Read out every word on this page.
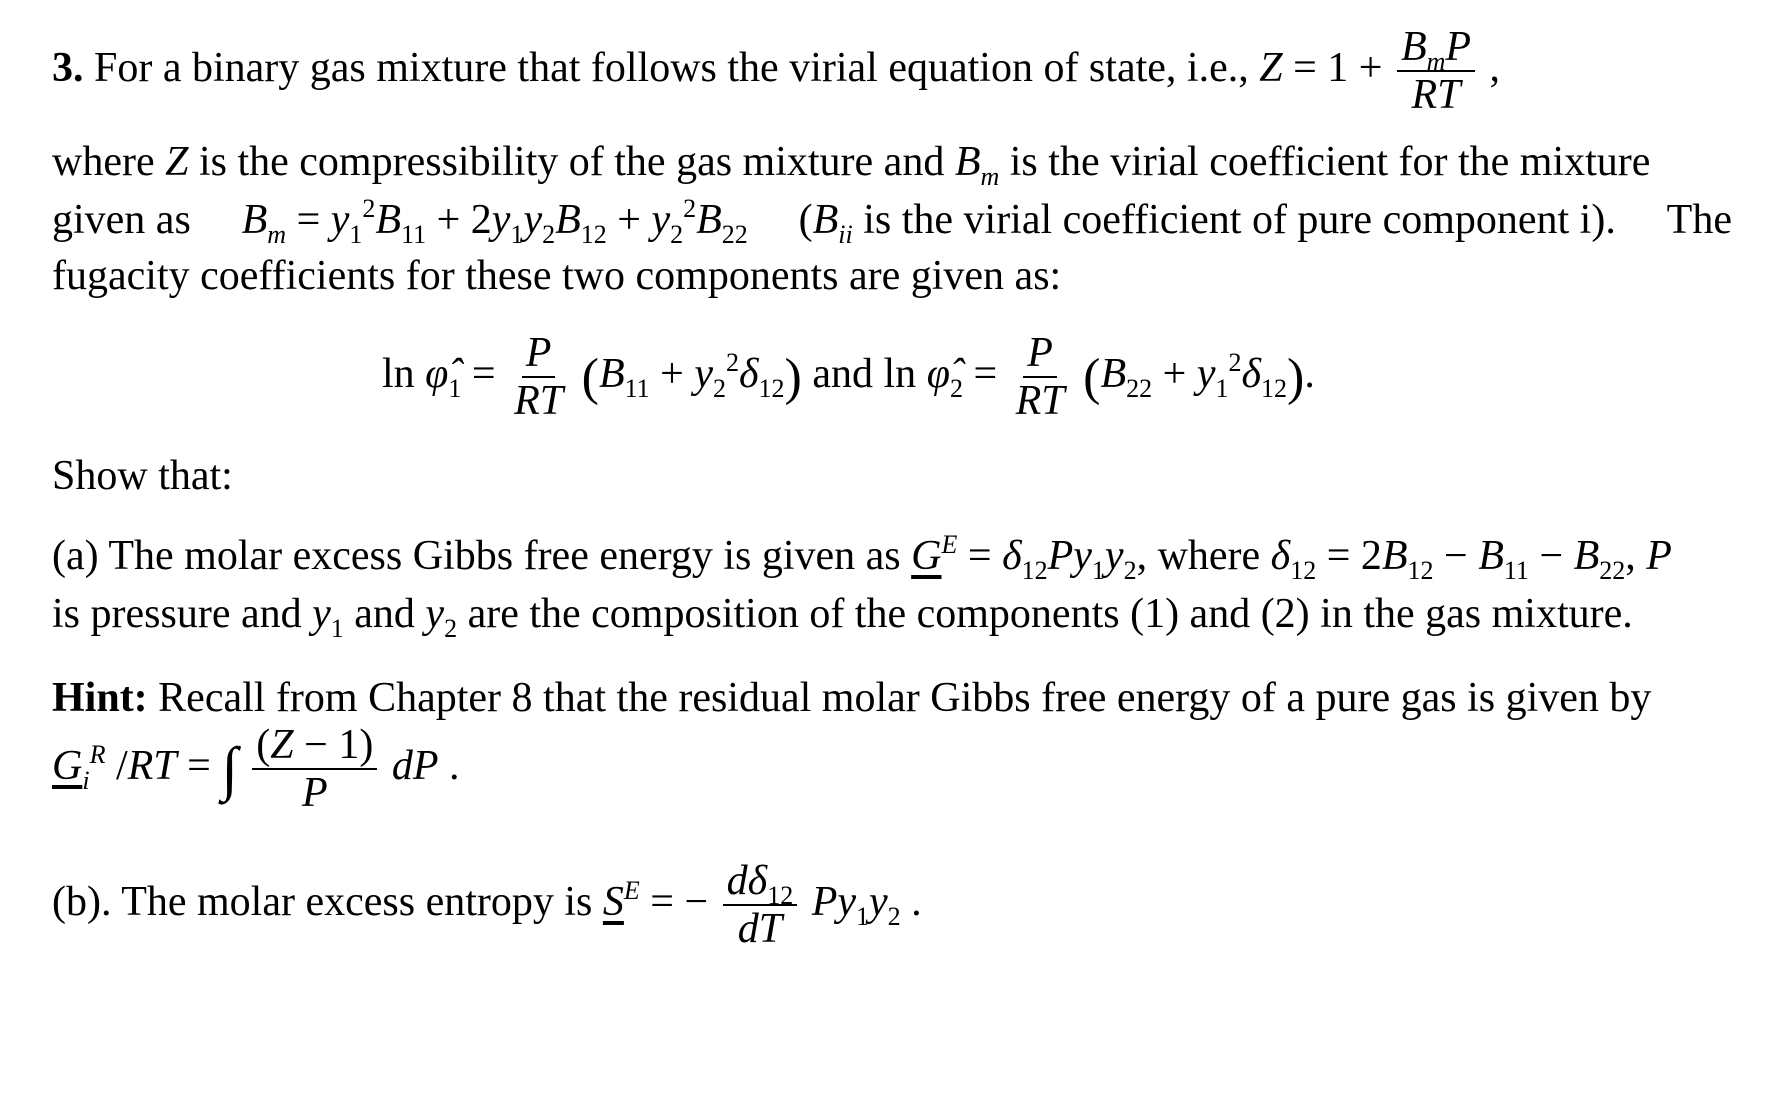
3. For a binary gas mixture that follows the virial equation of state, i.e., $Z = 1 + \frac{B_mP}{RT}$ ,
where Z is the compressibility of the gas mixture and $B_m$ is the virial coefficient for the mixture
given as $B_m = y_1^2B_{11} + 2y_1y_2B_{12} + y_2^2B_{22}$ ($B_{ii}$ is the virial coefficient of pure component i). The
fugacity coefficients for these two components are given as:
$\ln \varphî_1 = \frac{P}{RT} (B_{11} + y_2^2\delta_{12})$ and $\ln \varphî_2 = \frac{P}{RT} (B_{22} + y_1^2\delta_{12})$.
Show that:
(a) The molar excess Gibbs free energy is given as $G^E = \delta_{12}Py_1y_2$, where $\delta_{12} = 2B_{12} - B_{11} - B_{22}$, P
is pressure and $y_1$ and $y_2$ are the composition of the components (1) and (2) in the gas mixture.
Hint: Recall from Chapter 8 that the residual molar Gibbs free energy of a pure gas is given by
$G_i^R$ /RT = ∫ $\frac{(Z - 1)}{P}$ dP .
(b). The molar excess entropy is $S^E$ = − $\frac{d\delta_{12}}{dT} Py_1y_2$ .
